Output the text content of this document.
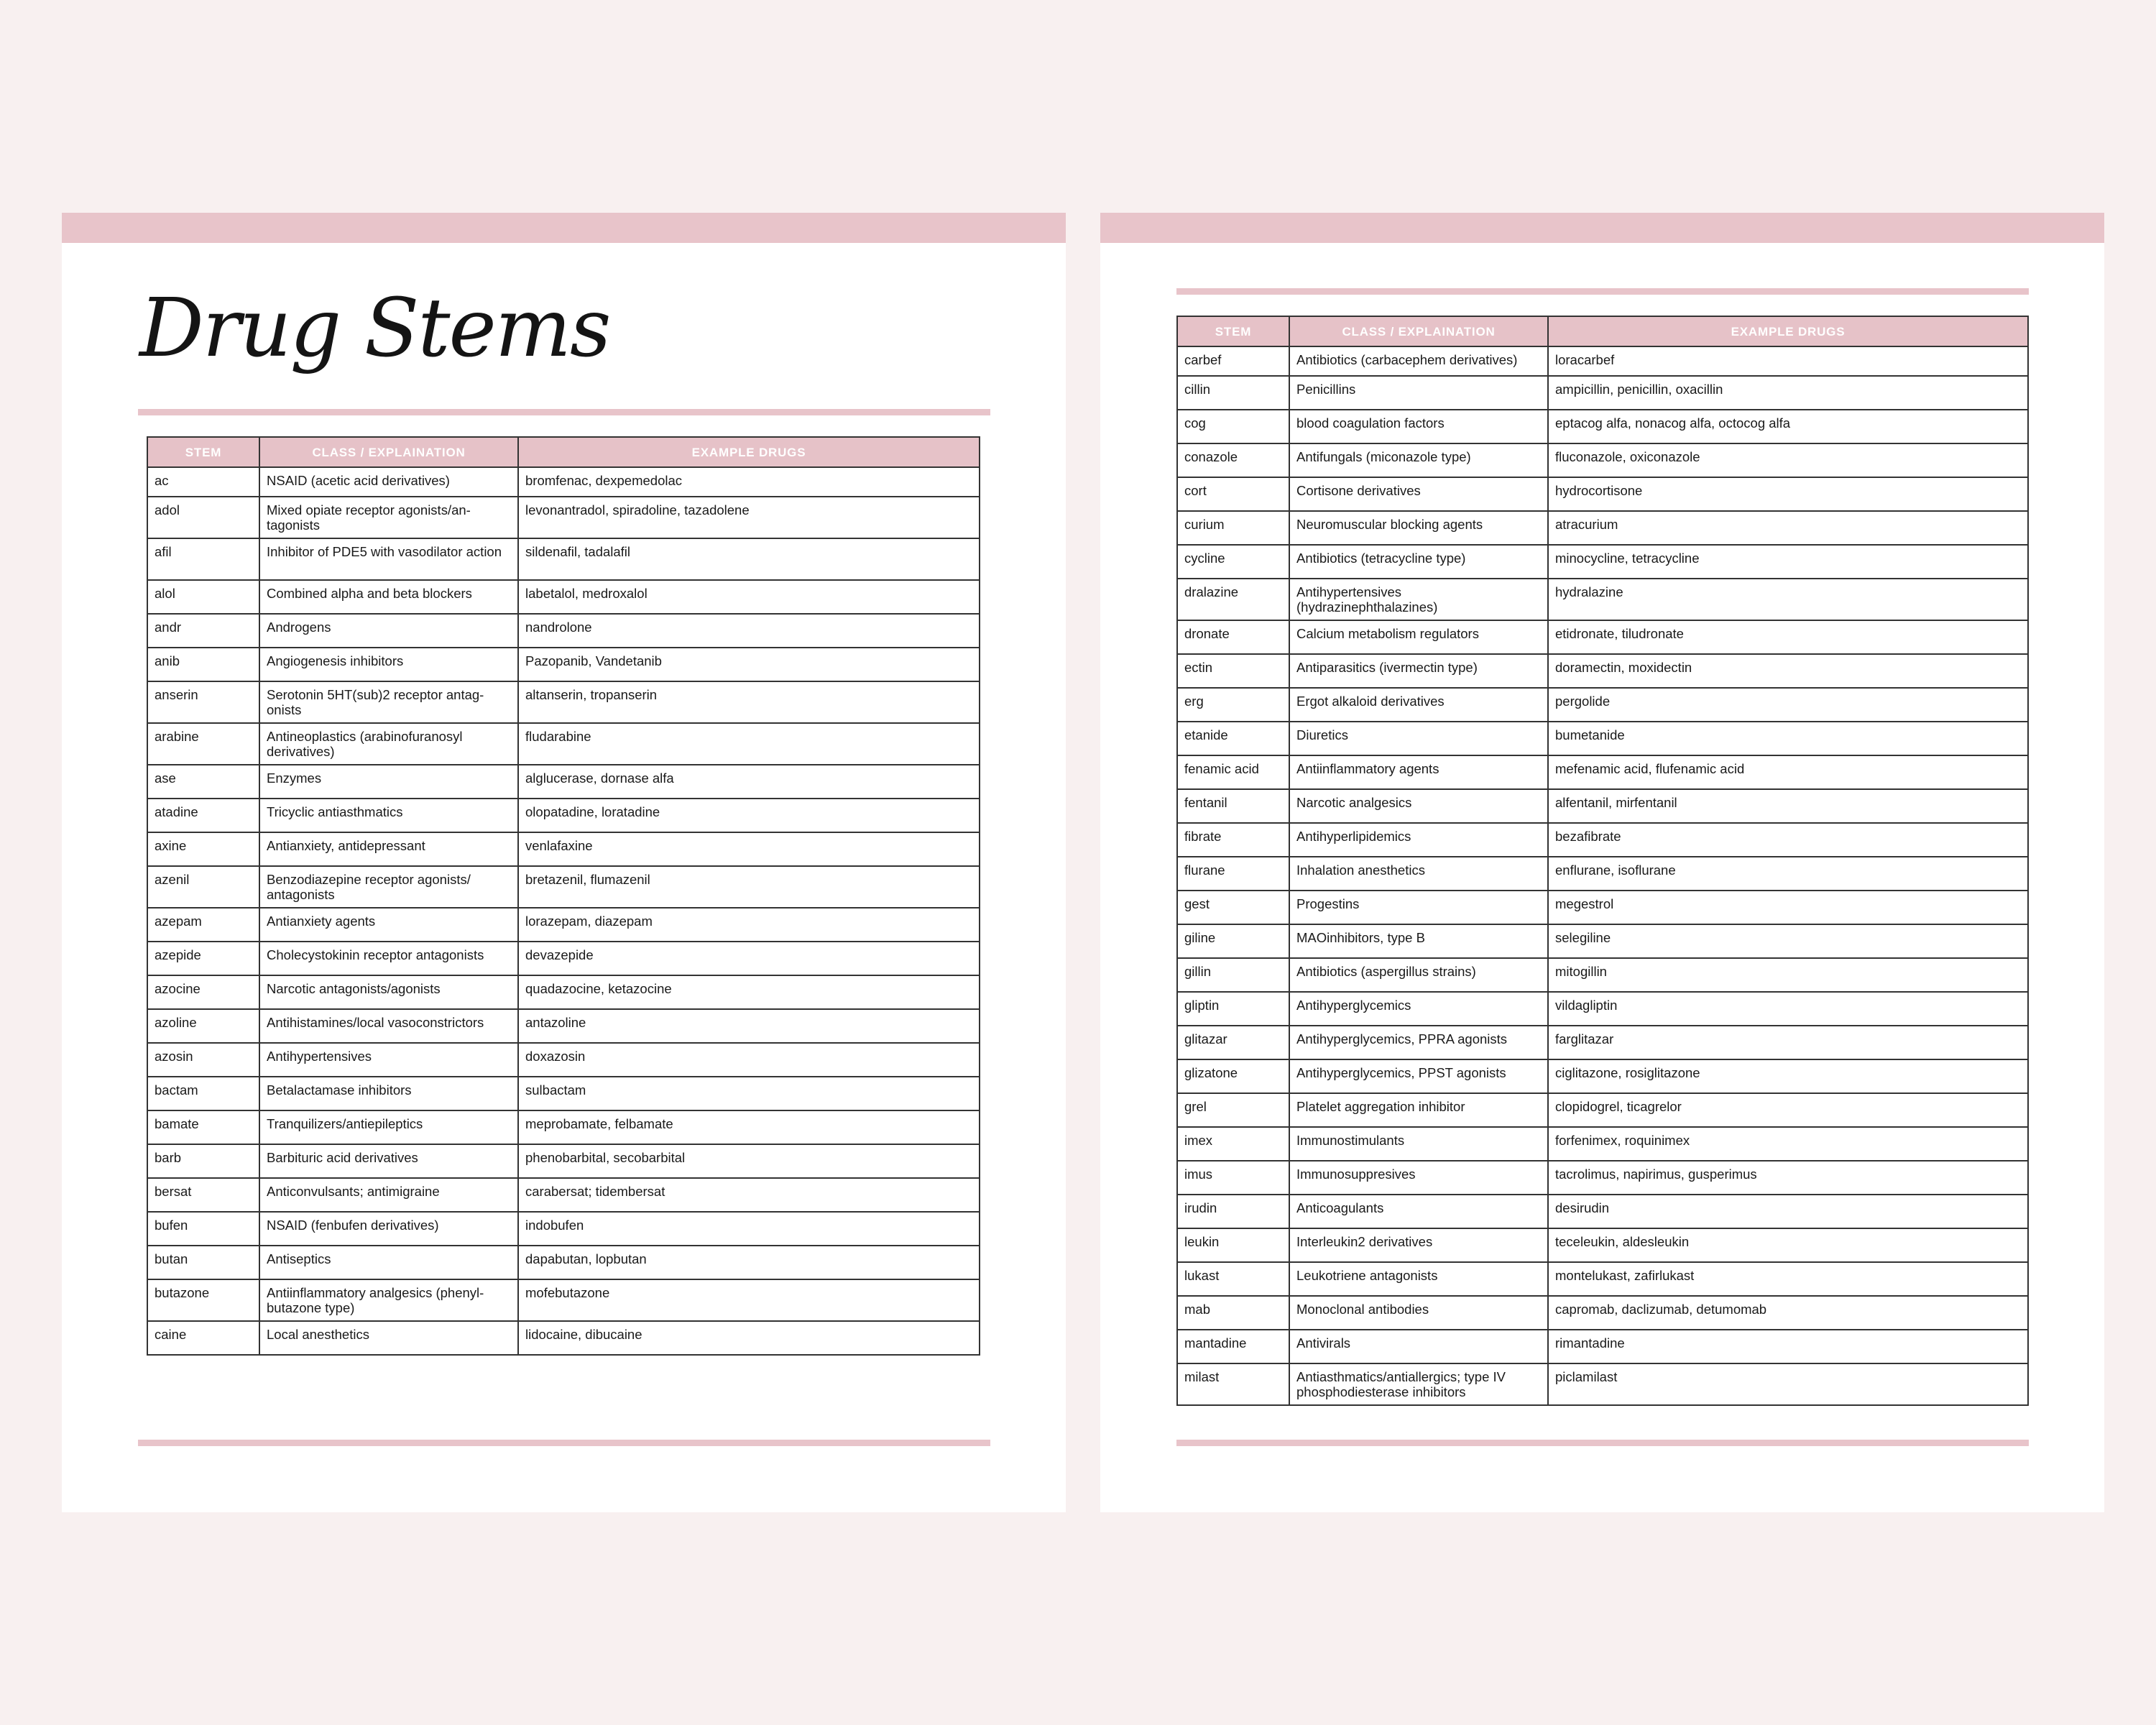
Drug Stems
STEM	CLASS / EXPLAINATION	EXAMPLE DRUGS
ac	NSAID (acetic acid derivatives)	bromfenac, dexpemedolac
adol	Mixed opiate receptor agonists/an-tagonists	levonantradol, spiradoline, tazadolene
afil	Inhibitor of PDE5 with vasodilator action	sildenafil, tadalafil
alol	Combined alpha and beta blockers	labetalol, medroxalol
andr	Androgens	nandrolone
anib	Angiogenesis inhibitors	Pazopanib, Vandetanib
anserin	Serotonin 5HT(sub)2 receptor antag-onists	altanserin, tropanserin
arabine	Antineoplastics (arabinofuranosyl derivatives)	fludarabine
ase	Enzymes	alglucerase, dornase alfa
atadine	Tricyclic antiasthmatics	olopatadine, loratadine
axine	Antianxiety, antidepressant	venlafaxine
azenil	Benzodiazepine receptor agonists/ antagonists	bretazenil, flumazenil
azepam	Antianxiety agents	lorazepam, diazepam
azepide	Cholecystokinin receptor antagonists	devazepide
azocine	Narcotic antagonists/agonists	quadazocine, ketazocine
azoline	Antihistamines/local vasoconstrictors	antazoline
azosin	Antihypertensives	doxazosin
bactam	Betalactamase inhibitors	sulbactam
bamate	Tranquilizers/antiepileptics	meprobamate, felbamate
barb	Barbituric acid derivatives	phenobarbital, secobarbital
bersat	Anticonvulsants; antimigraine	carabersat; tidembersat
bufen	NSAID (fenbufen derivatives)	indobufen
butan	Antiseptics	dapabutan, lopbutan
butazone	Antiinflammatory analgesics (phenyl-butazone type)	mofebutazone
caine	Local anesthetics	lidocaine, dibucaine
STEM	CLASS / EXPLAINATION	EXAMPLE DRUGS
carbef	Antibiotics (carbacephem derivatives)	loracarbef
cillin	Penicillins	ampicillin, penicillin, oxacillin
cog	blood coagulation factors	eptacog alfa, nonacog alfa, octocog alfa
conazole	Antifungals (miconazole type)	fluconazole, oxiconazole
cort	Cortisone derivatives	hydrocortisone
curium	Neuromuscular blocking agents	atracurium
cycline	Antibiotics (tetracycline type)	minocycline, tetracycline
dralazine	Antihypertensives (hydrazinephthalazines)	hydralazine
dronate	Calcium metabolism regulators	etidronate, tiludronate
ectin	Antiparasitics (ivermectin type)	doramectin, moxidectin
erg	Ergot alkaloid derivatives	pergolide
etanide	Diuretics	bumetanide
fenamic acid	Antiinflammatory agents	mefenamic acid, flufenamic acid
fentanil	Narcotic analgesics	alfentanil, mirfentanil
fibrate	Antihyperlipidemics	bezafibrate
flurane	Inhalation anesthetics	enflurane, isoflurane
gest	Progestins	megestrol
giline	MAOinhibitors, type B	selegiline
gillin	Antibiotics (aspergillus strains)	mitogillin
gliptin	Antihyperglycemics	vildagliptin
glitazar	Antihyperglycemics, PPRA agonists	farglitazar
glizatone	Antihyperglycemics, PPST agonists	ciglitazone, rosiglitazone
grel	Platelet aggregation inhibitor	clopidogrel, ticagrelor
imex	Immunostimulants	forfenimex, roquinimex
imus	Immunosuppresives	tacrolimus, napirimus, gusperimus
irudin	Anticoagulants	desirudin
leukin	Interleukin2 derivatives	teceleukin, aldesleukin
lukast	Leukotriene antagonists	montelukast, zafirlukast
mab	Monoclonal antibodies	capromab, daclizumab, detumomab
mantadine	Antivirals	rimantadine
milast	Antiasthmatics/antiallergics; type IV phosphodiesterase inhibitors	piclamilast
